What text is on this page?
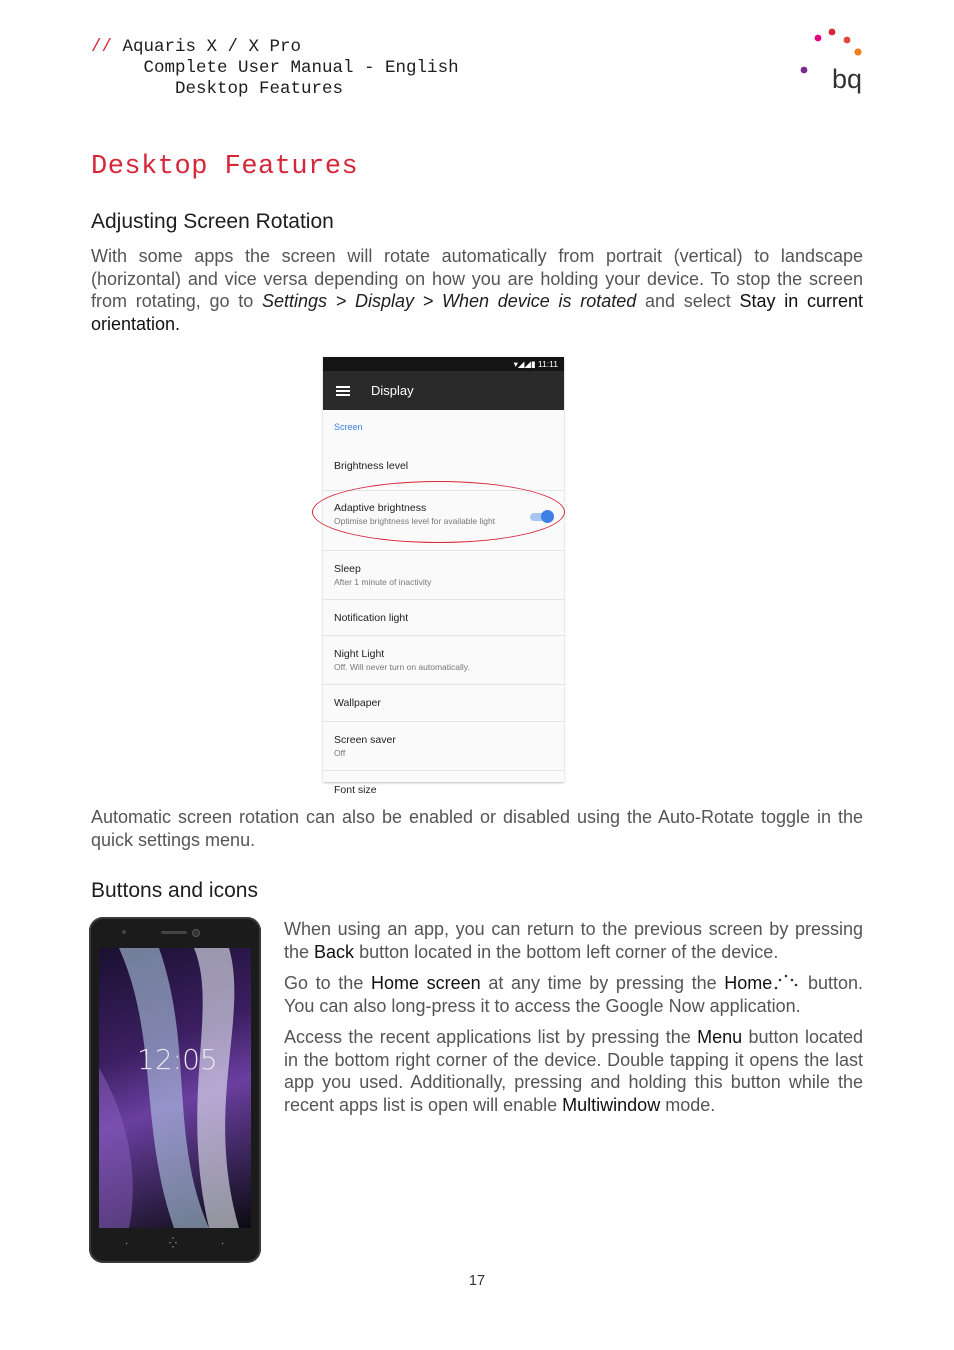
// Aquaris X / X Pro
Complete User Manual - English
Desktop Features	bq
Desktop Features
Adjusting Screen Rotation
With some apps the screen will rotate automatically from portrait (vertical) to landscape (horizontal) and vice versa depending on how you are holding your device. To stop the screen from rotating, go to Settings > Display > When device is rotated and select Stay in current orientation.
▾◢◢▮ 11:11
Display
Screen
Brightness level
Adaptive brightness
Optimise brightness level for available light
Sleep
After 1 minute of inactivity
Notification light
Night Light
Off. Will never turn on automatically.
Wallpaper
Screen saver
Off
Font size
Automatic screen rotation can also be enabled or disabled using the Auto-Rotate toggle in the quick settings menu.
Buttons and icons
12:05
·	⁛	·
When using an app, you can return to the previous screen by pressing the Back button located in the bottom left corner of the device.
Go to the Home screen at any time by pressing the Home button. You can also long-press it to access the Google Now application.
Access the recent applications list by pressing the Menu button located in the bottom right corner of the device. Double tapping it opens the last app you used. Additionally, pressing and holding this button while the recent apps list is open will enable Multiwindow mode.
17
